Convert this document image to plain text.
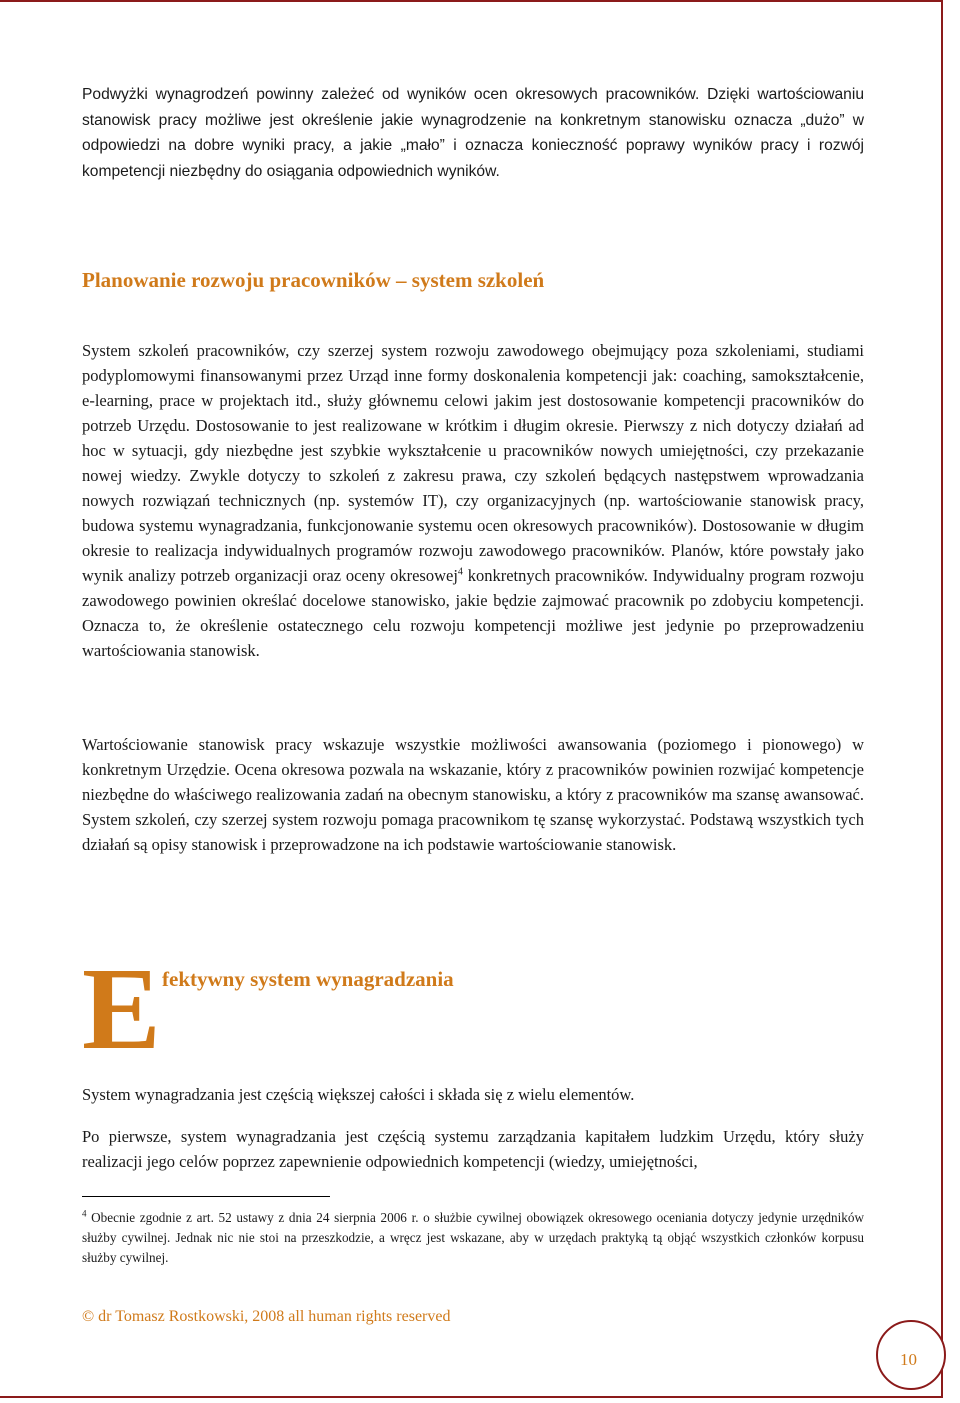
Podwyżki wynagrodzeń powinny zależeć od wyników ocen okresowych pracowników. Dzięki wartościowaniu stanowisk pracy możliwe jest określenie jakie wynagrodzenie na konkretnym stanowisku oznacza „dużo” w odpowiedzi na dobre wyniki pracy, a jakie „mało” i oznacza konieczność poprawy wyników pracy i rozwój kompetencji niezbędny do osiągania odpowiednich wyników.

Planowanie rozwoju pracowników – system szkoleń

System szkoleń pracowników, czy szerzej system rozwoju zawodowego obejmujący poza szkoleniami, studiami podyplomowymi finansowanymi przez Urząd inne formy doskonalenia kompetencji jak: coaching, samokształcenie, e-learning, prace w projektach itd., służy głównemu celowi jakim jest dostosowanie kompetencji pracowników do potrzeb Urzędu. Dostosowanie to jest realizowane w krótkim i długim okresie. Pierwszy z nich dotyczy działań ad hoc w sytuacji, gdy niezbędne jest szybkie wykształcenie u pracowników nowych umiejętności, czy przekazanie nowej wiedzy. Zwykle dotyczy to szkoleń z zakresu prawa, czy szkoleń będących następstwem wprowadzania nowych rozwiązań technicznych (np. systemów IT), czy organizacyjnych (np. wartościowanie stanowisk pracy, budowa systemu wynagradzania, funkcjonowanie systemu ocen okresowych pracowników). Dostosowanie w długim okresie to realizacja indywidualnych programów rozwoju zawodowego pracowników. Planów, które powstały jako wynik analizy potrzeb organizacji oraz oceny okresowej$^4$ konkretnych pracowników. Indywidualny program rozwoju zawodowego powinien określać docelowe stanowisko, jakie będzie zajmować pracownik po zdobyciu kompetencji. Oznacza to, że określenie ostatecznego celu rozwoju kompetencji możliwe jest jedynie po przeprowadzeniu wartościowania stanowisk.

Wartościowanie stanowisk pracy wskazuje wszystkie możliwości awansowania (poziomego i pionowego) w konkretnym Urzędzie. Ocena okresowa pozwala na wskazanie, który z pracowników powinien rozwijać kompetencje niezbędne do właściwego realizowania zadań na obecnym stanowisku, a który z pracowników ma szansę awansować. System szkoleń, czy szerzej system rozwoju pomaga pracownikom tę szansę wykorzystać. Podstawą wszystkich tych działań są opisy stanowisk i przeprowadzone na ich podstawie wartościowanie stanowisk.

E fektywny system wynagradzania

System wynagradzania jest częścią większej całości i składa się z wielu elementów.

Po pierwsze, system wynagradzania jest częścią systemu zarządzania kapitałem ludzkim Urzędu, który służy realizacji jego celów poprzez zapewnienie odpowiednich kompetencji (wiedzy, umiejętności,

$^4$ Obecnie zgodnie z art. 52 ustawy z dnia 24 sierpnia 2006 r. o służbie cywilnej obowiązek okresowego oceniania dotyczy jedynie urzędników służby cywilnej. Jednak nic nie stoi na przeszkodzie, a wręcz jest wskazane, aby w urzędach praktyką tą objąć wszystkich członków korpusu służby cywilnej.
© dr Tomasz Rostkowski, 2008 all human rights reserved
10
